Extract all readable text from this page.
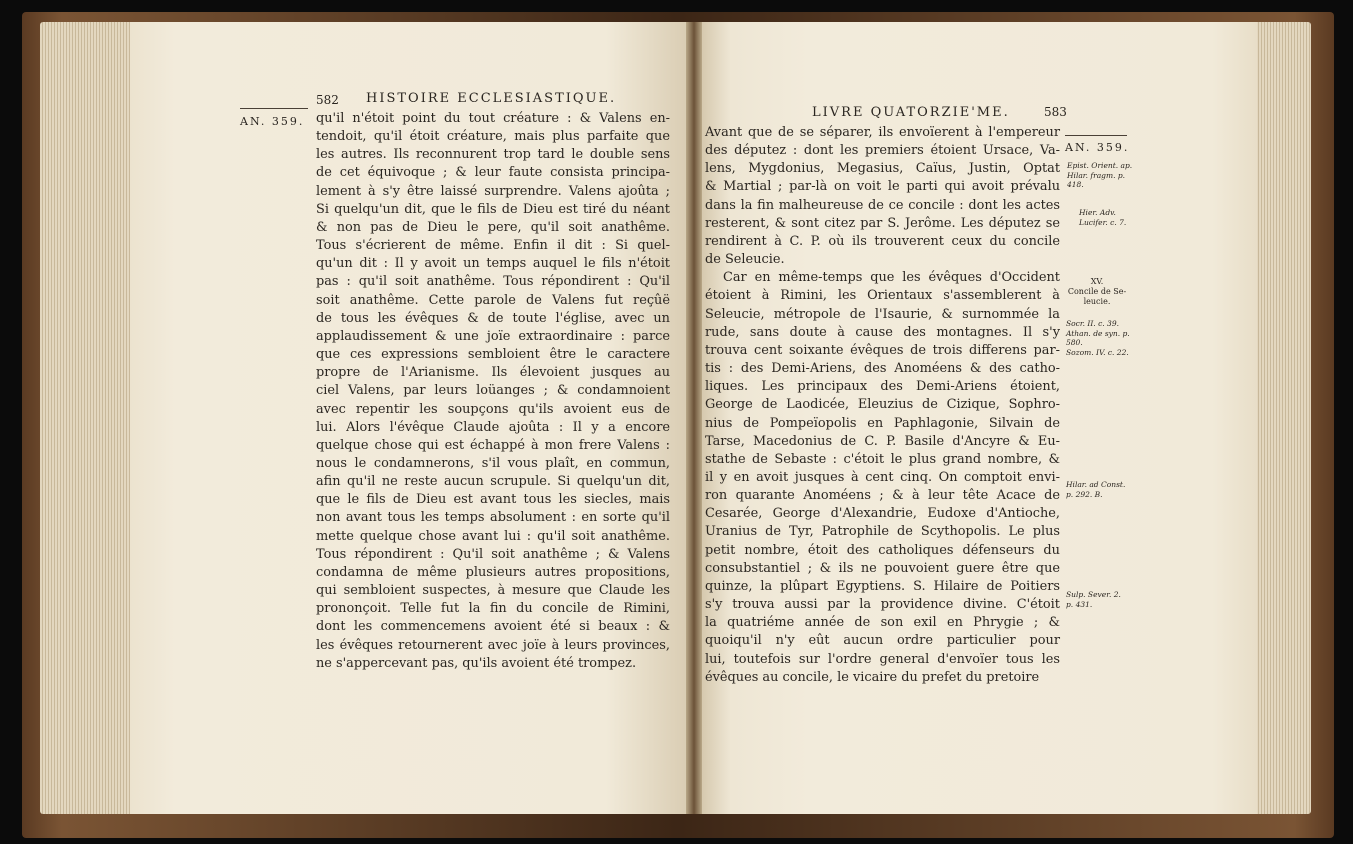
582 HISTOIRE ECCLESIASTIQUE.
AN. 359. qu'il n'étoit point du tout créature : & Valens en-
tendoit, qu'il étoit créature, mais plus parfaite que
les autres. Ils reconnurent trop tard le double sens
de cet équivoque ; & leur faute consista principa-
lement à s'y être laissé surprendre. Valens ajoûta ;
Si quelqu'un dit, que le fils de Dieu est tiré du néant
& non pas de Dieu le pere, qu'il soit anathême.
Tous s'écrierent de même. Enfin il dit : Si quel-
qu'un dit : Il y avoit un temps auquel le fils n'étoit
pas : qu'il soit anathême. Tous répondirent : Qu'il
soit anathême. Cette parole de Valens fut reçûë
de tous les évêques & de toute l'église, avec un
applaudissement & une joïe extraordinaire : parce
que ces expressions sembloient être le caractere
propre de l'Arianisme. Ils élevoient jusques au
ciel Valens, par leurs loüanges ; & condamnoient
avec repentir les soupçons qu'ils avoient eus de
lui. Alors l'évêque Claude ajoûta : Il y a encore
quelque chose qui est échappé à mon frere Valens :
nous le condamnerons, s'il vous plaît, en commun,
afin qu'il ne reste aucun scrupule. Si quelqu'un dit,
que le fils de Dieu est avant tous les siecles, mais
non avant tous les temps absolument : en sorte qu'il
mette quelque chose avant lui : qu'il soit anathême.
Tous répondirent : Qu'il soit anathême ; & Valens
condamna de même plusieurs autres propositions,
qui sembloient suspectes, à mesure que Claude les
prononçoit. Telle fut la fin du concile de Rimini,
dont les commencemens avoient été si beaux : &
les évêques retournerent avec joïe à leurs provinces,
ne s'appercevant pas, qu'ils avoient été trompez.
LIVRE QUATORZIE'ME.	583
AN. 359.
Avant que de se séparer, ils envoïerent à l'empereur
des députez : dont les premiers étoient Ursace, Va-
lens, Mygdonius, Megasius, Caïus, Justin, Optat
& Martial ; par-là on voit le parti qui avoit prévalu
dans la fin malheureuse de ce concile : dont les actes
resterent, & sont citez par S. Jerôme. Les députez se
rendirent à C. P. où ils trouverent ceux du concile
de Seleucie.
Car en même-temps que les évêques d'Occident
étoient à Rimini, les Orientaux s'assemblerent à
Seleucie, métropole de l'Isaurie, & surnommée la
rude, sans doute à cause des montagnes. Il s'y
trouva cent soixante évêques de trois differens par-
tis : des Demi-Ariens, des Anoméens & des catho-
liques. Les principaux des Demi-Ariens étoient,
George de Laodicée, Eleuzius de Cizique, Sophro-
nius de Pompeïopolis en Paphlagonie, Silvain de
Tarse, Macedonius de C. P. Basile d'Ancyre & Eu-
stathe de Sebaste : c'étoit le plus grand nombre, &
il y en avoit jusques à cent cinq. On comptoit envi-
ron quarante Anoméens ; & à leur tête Acace de
Cesarée, George d'Alexandrie, Eudoxe d'Antioche,
Uranius de Tyr, Patrophile de Scythopolis. Le plus
petit nombre, étoit des catholiques défenseurs du
consubstantiel ; & ils ne pouvoient guere être que
quinze, la plûpart Egyptiens. S. Hilaire de Poitiers
s'y trouva aussi par la providence divine. C'étoit
la quatriéme année de son exil en Phrygie ; &
quoiqu'il n'y eût aucun ordre particulier pour
lui, toutefois sur l'ordre general d'envoïer tous les
évêques au concile, le vicaire du prefet du pretoire
Epist. Orient. ap.
Hilar. fragm. p.
418.
Hier. Adv.
Lucifer. c. 7.
XV.
Concile de Se-
leucie.
Socr. II. c. 39.
Athan. de syn. p.
580.
Sozom. IV. c. 22.
Hilar. ad Const.
p. 292. B.
Sulp. Sever. 2.
p. 431.
